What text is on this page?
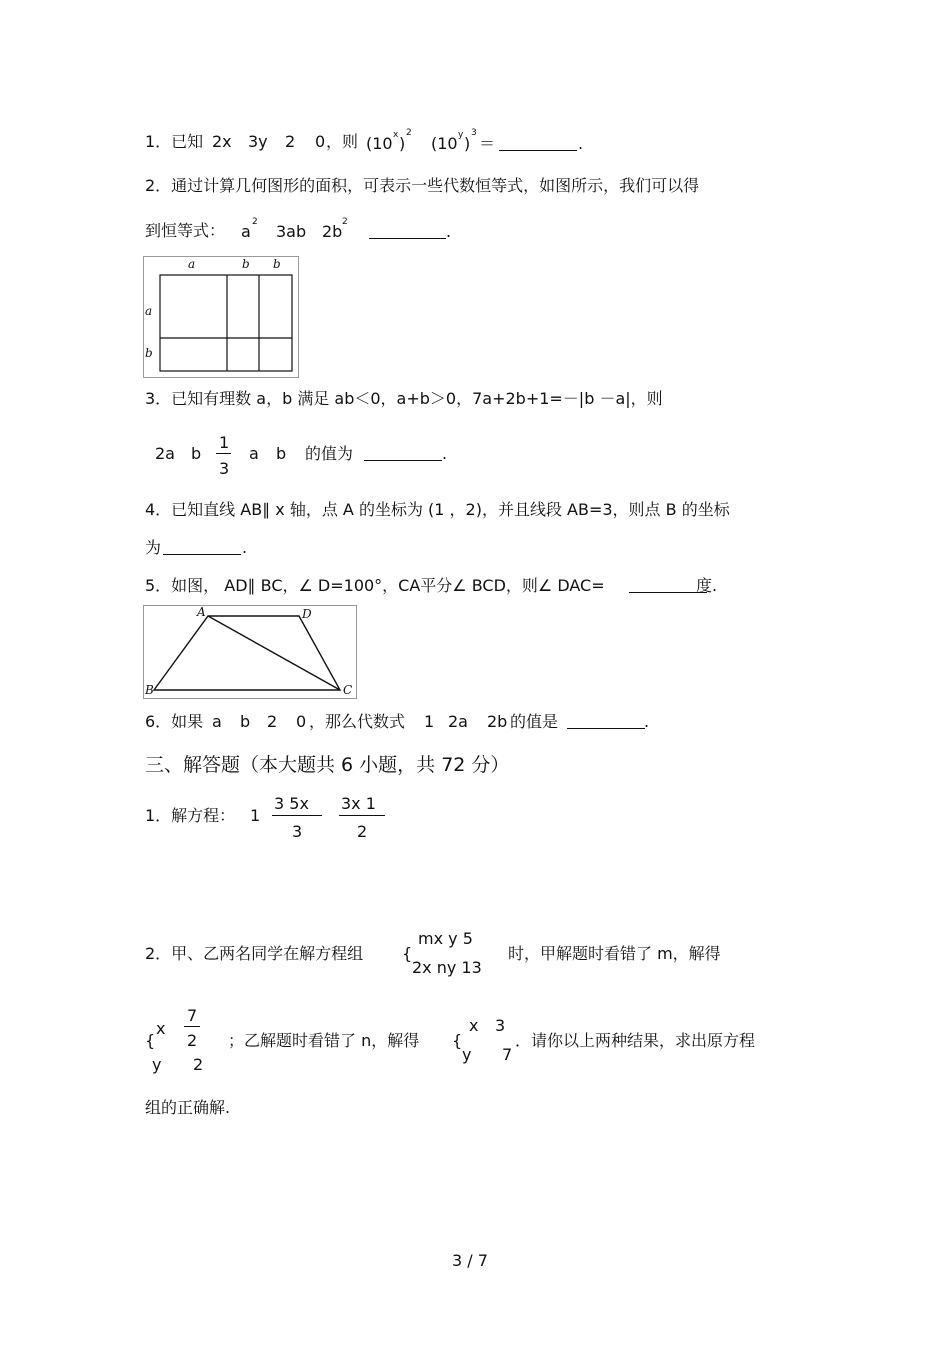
1．已知 2x 3y 2 0 ，则 (10 x )
2
(10 y )
3
＝	.
2．通过计算几何图形的面积，可表示一些代数恒等式，如图所示，我们可以得
到恒等式： a 2 3ab 2b 2	.
a	b b
a
b
3．已知有理数 a，b 满足 ab＜0，a+b＞0，7a+2b+1=－|b －a|，则
2a b
1
3
a b 的值为	.
4．已知直线 AB∥ x 轴，点 A 的坐标为 (1 ，2)，并且线段 AB=3，则点 B 的坐标
为	.
5．如图， AD∥ BC，∠ D=100°，CA平分∠ BCD，则∠ DAC=	度.
A	D
B	C
6．如果 a b 2 0 ，那么代数式 1 2a 2b 的值是	.
三、解答题（本大题共 6 小题，共 72 分）
1．解方程： 1
3 5x
3
3x 1
2
2．甲、乙两名同学在解方程组 {
mx y 5
2x ny 13
时，甲解题时看错了 m，解得
{
x
7
2
y 2
；乙解题时看错了 n，解得 {
x 3
y 7
．请你以上两种结果，求出原方程
组的正确解.
3 / 7
